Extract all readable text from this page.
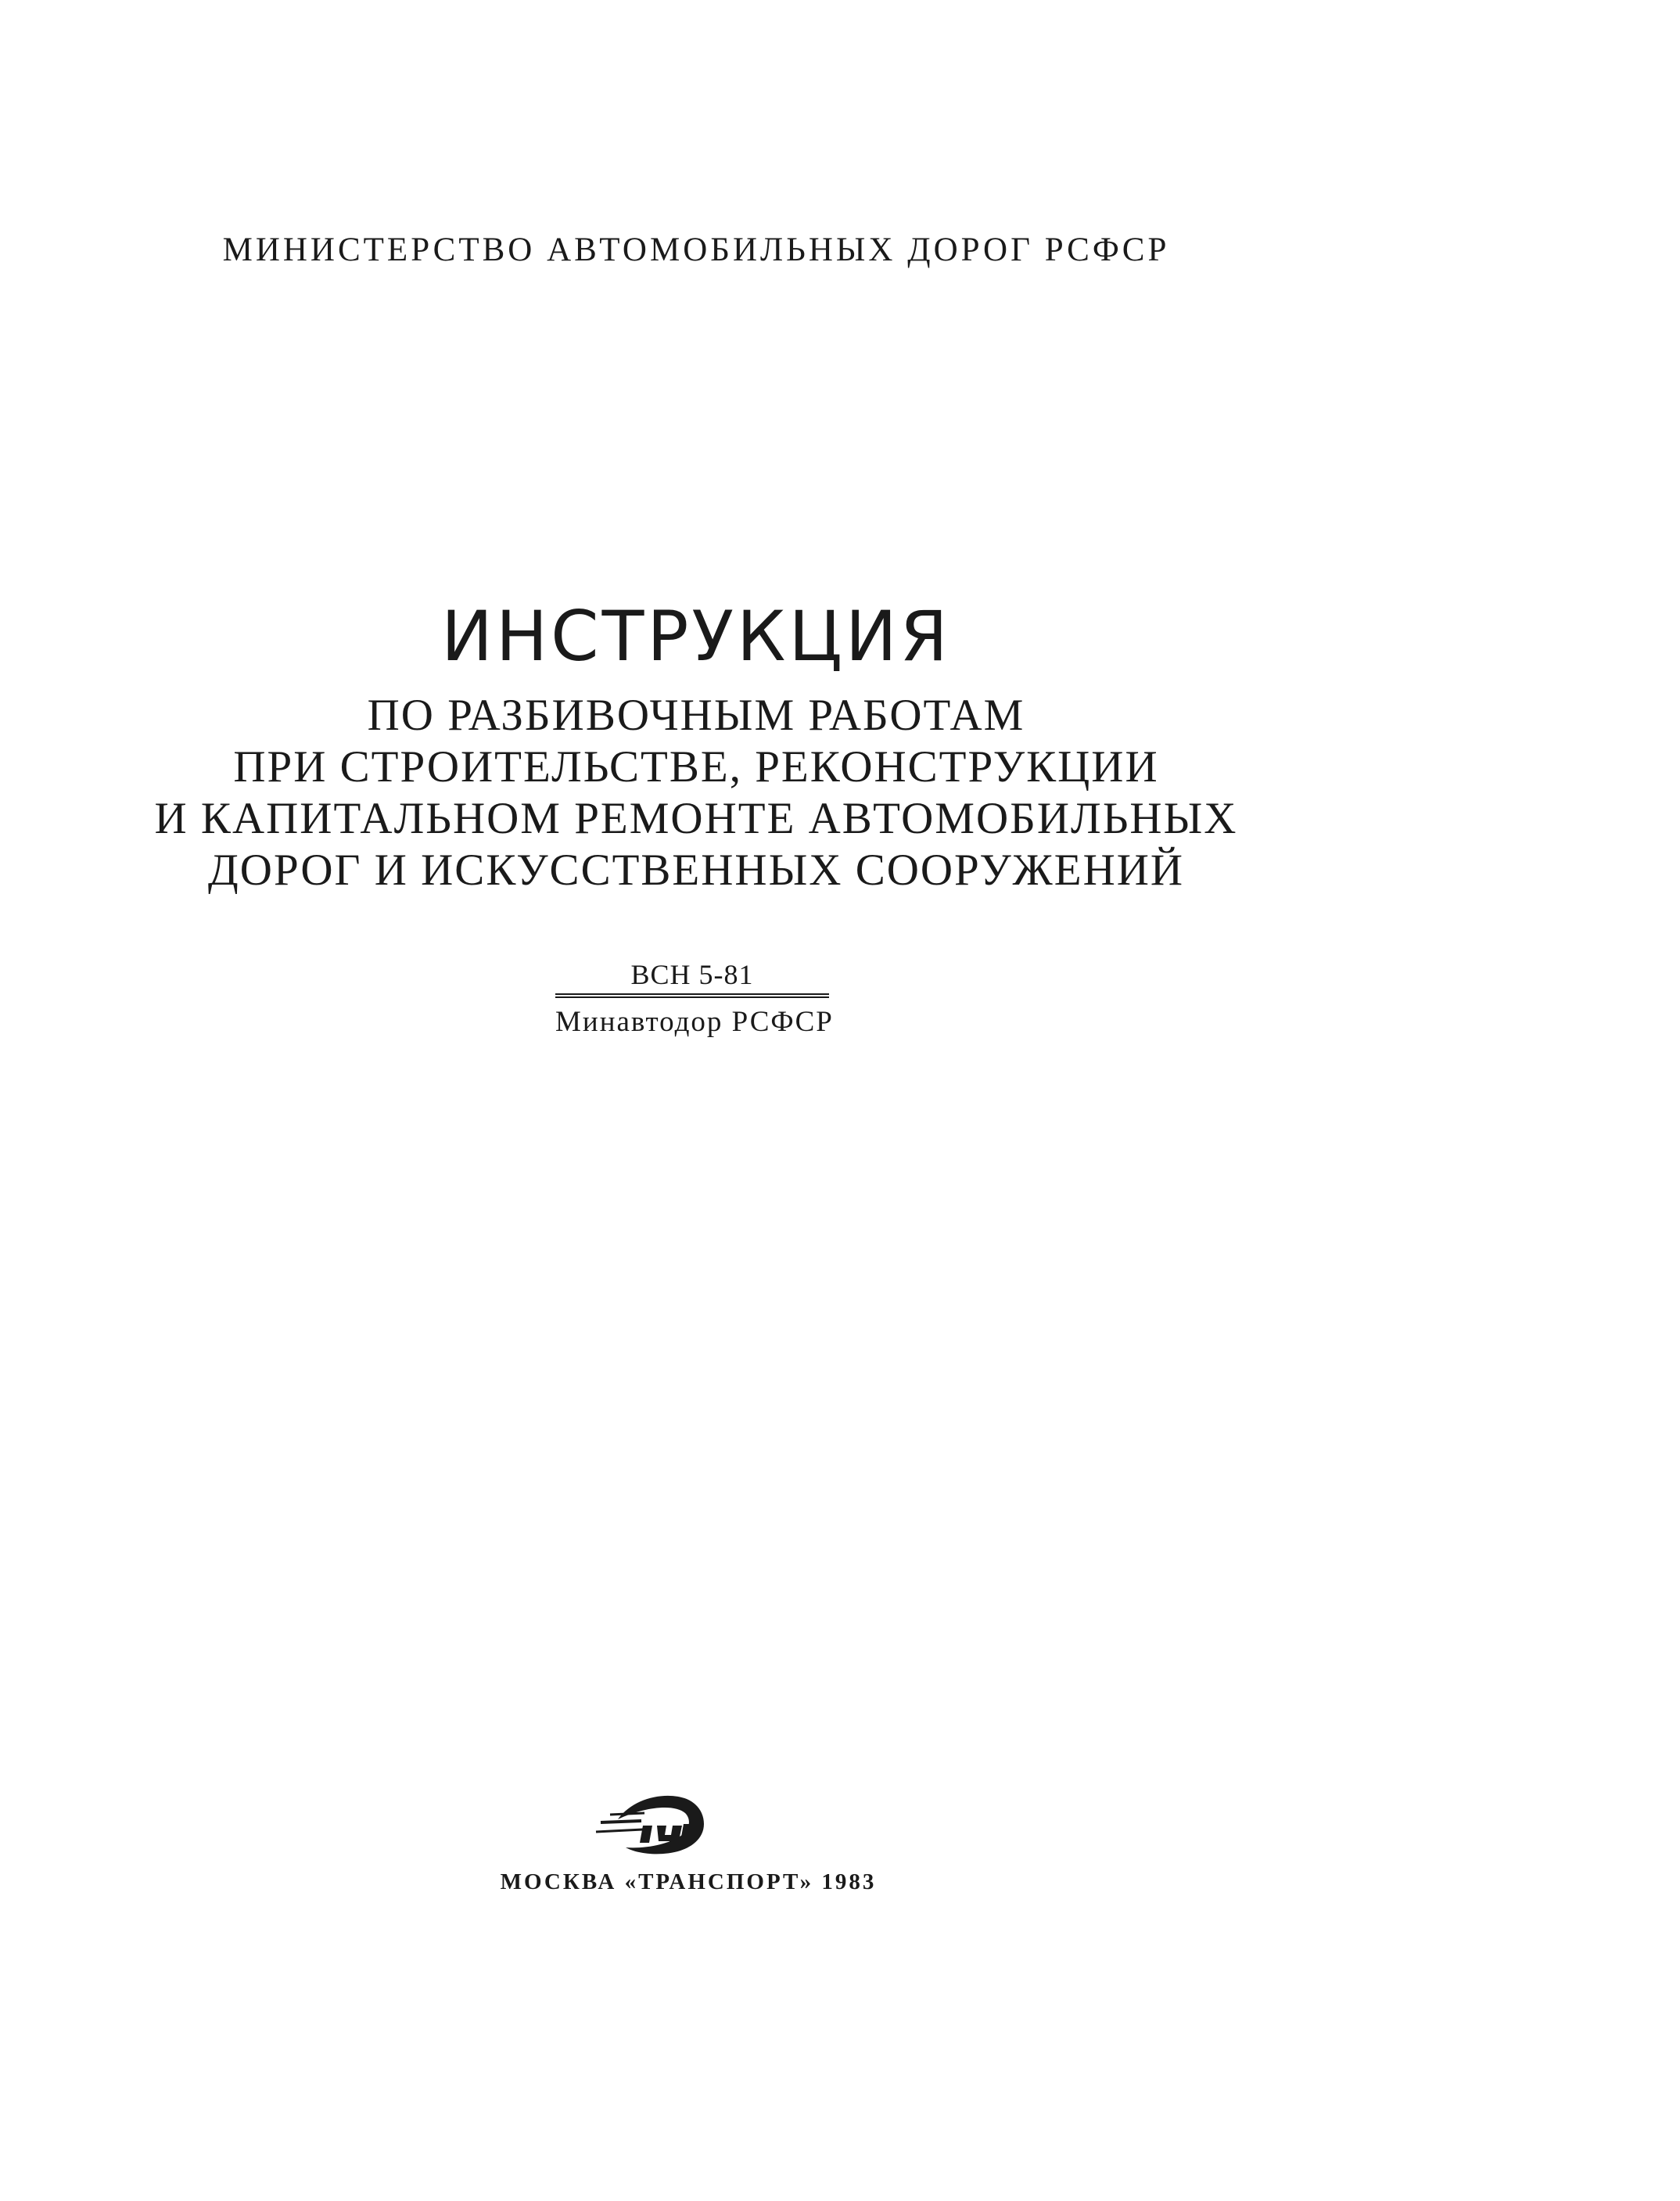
МИНИСТЕРСТВО АВТОМОБИЛЬНЫХ ДОРОГ РСФСР
ИНСТРУКЦИЯ
ПО РАЗБИВОЧНЫМ РАБОТАМ
ПРИ СТРОИТЕЛЬСТВЕ, РЕКОНСТРУКЦИИ
И КАПИТАЛЬНОМ РЕМОНТЕ АВТОМОБИЛЬНЫХ
ДОРОГ И ИСКУССТВЕННЫХ СООРУЖЕНИЙ
ВСН 5-81
Минавтодор РСФСР
МОСКВА «ТРАНСПОРТ» 1983
